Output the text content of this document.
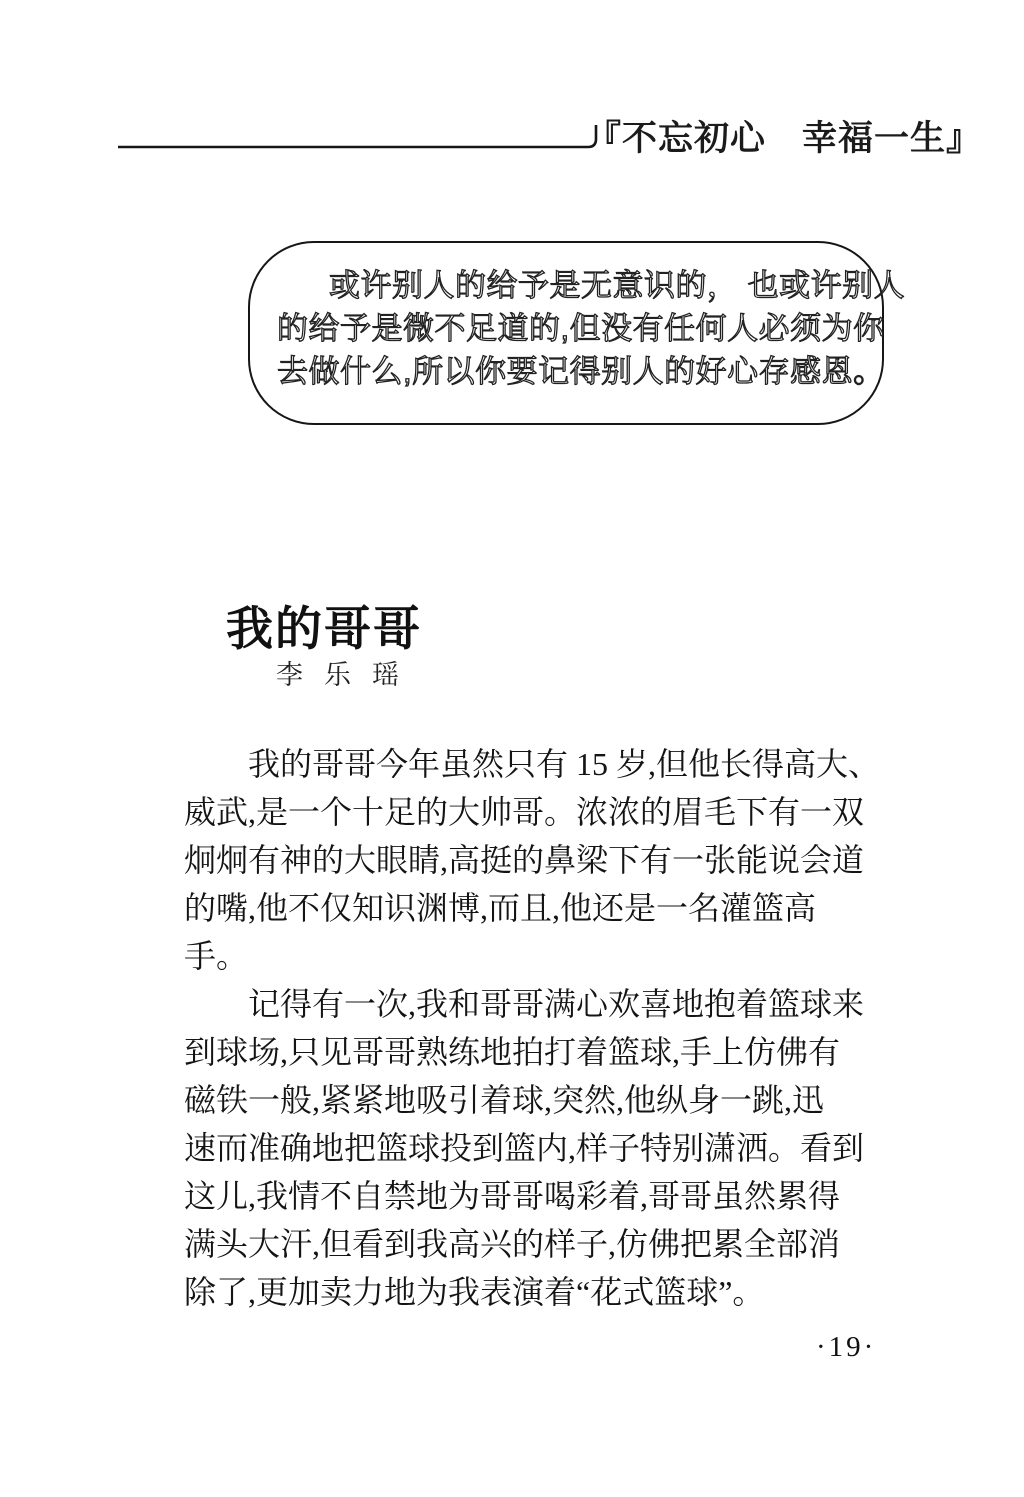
『不忘初心　幸福一生』

或许别人的给予是无意识的， 也或许别人

的给予是微不足道的,但没有任何人必须为你

去做什么,所以你要记得别人的好心存感恩。

我的哥哥
李乐瑶

我的哥哥今年虽然只有 15 岁,但他长得高大、
威武,是一个十足的大帅哥。浓浓的眉毛下有一双
炯炯有神的大眼睛,高挺的鼻梁下有一张能说会道
的嘴,他不仅知识渊博,而且,他还是一名灌篮高
手。

记得有一次,我和哥哥满心欢喜地抱着篮球来
到球场,只见哥哥熟练地拍打着篮球,手上仿佛有
磁铁一般,紧紧地吸引着球,突然,他纵身一跳,迅
速而准确地把篮球投到篮内,样子特别潇洒。看到
这儿,我情不自禁地为哥哥喝彩着,哥哥虽然累得
满头大汗,但看到我高兴的样子,仿佛把累全部消
除了,更加卖力地为我表演着“花式篮球”。

·19·
